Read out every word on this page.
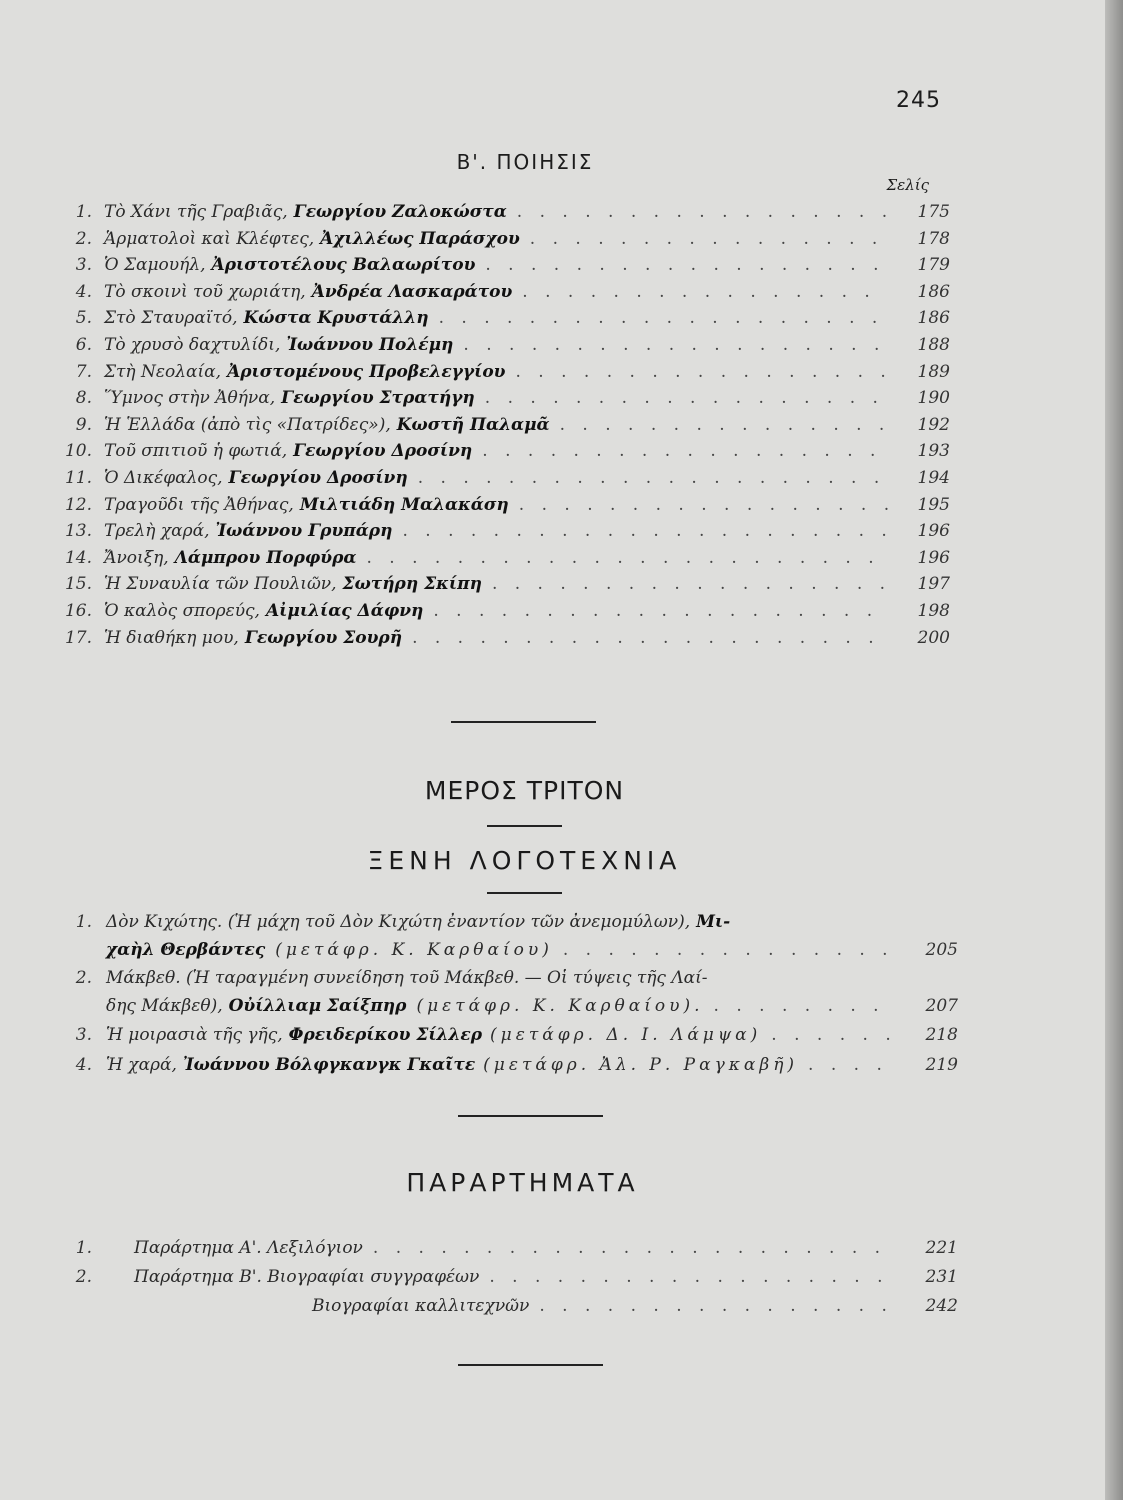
245
Β'. ΠΟΙΗΣΙΣ
Σελίς
1. Τὸ Χάνι τῆς Γραβιᾶς, Γεωργίου Ζαλοκώστα . . .	175
2. Ἁρματολοὶ καὶ Κλέφτες, Ἀχιλλέως Παράσχου . . .	178
3. Ὁ Σαμουήλ, Ἀριστοτέλους Βαλαωρίτου . . .	179
4. Τὸ σκοινὶ τοῦ χωριάτη, Ἀνδρέα Λασκαράτου . . .	186
5. Στὸ Σταυραϊτό, Κώστα Κρυστάλλη . . .	186
6. Τὸ χρυσὸ δαχτυλίδι, Ἰωάννου Πολέμη . . .	188
7. Στὴ Νεολαία, Ἀριστομένους Προβελεγγίου . . .	189
8. Ὕμνος στὴν Ἀθήνα, Γεωργίου Στρατήγη . . .	190
9. Ἡ Ἑλλάδα (ἀπὸ τὶς «Πατρίδες»), Κωστῆ Παλαμᾶ . . .	192
10. Τοῦ σπιτιοῦ ἡ φωτιά, Γεωργίου Δροσίνη . . .	193
11. Ὁ Δικέφαλος, Γεωργίου Δροσίνη . . .	194
12. Τραγοῦδι τῆς Ἀθήνας, Μιλτιάδη Μαλακάση . . .	195
13. Τρελὴ χαρά, Ἰωάννου Γρυπάρη . . .	196
14. Ἄνοιξη, Λάμπρου Πορφύρα . . .	196
15. Ἡ Συναυλία τῶν Πουλιῶν, Σωτήρη Σκίπη . . .	197
16. Ὁ καλὸς σπορεύς, Αἰμιλίας Δάφνη . . .	198
17. Ἡ διαθήκη μου, Γεωργίου Σουρῆ . . .	200
ΜΕΡΟΣ ΤΡΙΤΟΝ
ΞΕΝΗ ΛΟΓΟΤΕΧΝΙΑ
1. Δὸν Κιχώτης. (Ἡ μάχη τοῦ Δὸν Κιχώτη ἐναντίον τῶν ἀνεμομύλων), Μι-
χαὴλ Θερβάντες (μετάφρ. Κ. Καρθαίου) . . .	205
2. Μάκβεθ. (Ἡ ταραγμένη συνείδηση τοῦ Μάκβεθ. — Οἱ τύψεις τῆς Λαί-
δης Μάκβεθ), Οὐίλλιαμ Σαίξπηρ (μετάφρ. Κ. Καρθαίου). . . .	207
3. Ἡ μοιρασιὰ τῆς γῆς, Φρειδερίκου Σίλλερ (μετάφρ. Δ. Ι. Λάμψα) . . .	218
4. Ἡ χαρά, Ἰωάννου Βόλφγκανγκ Γκαῖτε (μετάφρ. Ἀλ. Ρ. Ραγκαβῆ) . . .	219
ΠΑΡΑΡΤΗΜΑΤΑ
1.	Παράρτημα Α'. Λεξιλόγιον . . .	221
2.	Παράρτημα Β'. Βιογραφίαι συγγραφέων . . .	231
Βιογραφίαι καλλιτεχνῶν . . .	242
